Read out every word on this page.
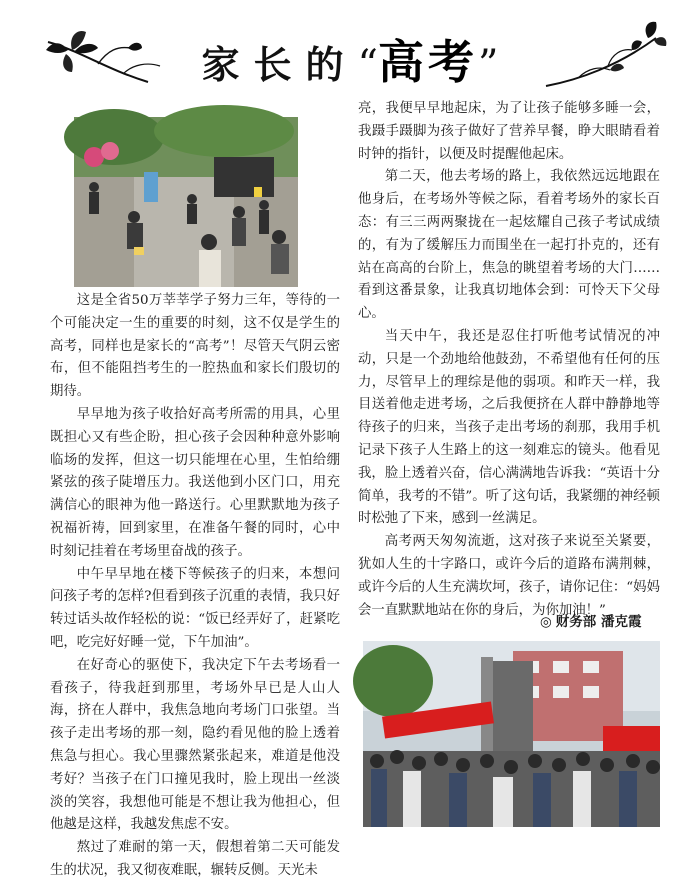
家长的“高考”

这是全省50万莘莘学子努力三年，等待的一个可能决定一生的重要的时刻，这不仅是学生的高考，同样也是家长的“高考”！尽管天气阴云密布，但不能阻挡考生的一腔热血和家长们殷切的期待。

早早地为孩子收拾好高考所需的用具，心里既担心又有些企盼，担心孩子会因种种意外影响临场的发挥，但这一切只能埋在心里，生怕给绷紧弦的孩子陡增压力。我送他到小区门口，用充满信心的眼神为他一路送行。心里默默地为孩子祝福祈祷，回到家里，在准备午餐的同时，心中时刻记挂着在考场里奋战的孩子。

中午早早地在楼下等候孩子的归来，本想问问孩子考的怎样?但看到孩子沉重的表情，我只好转过话头故作轻松的说：“饭已经弄好了，赶紧吃吧，吃完好好睡一觉，下午加油”。

在好奇心的驱使下，我决定下午去考场看一看孩子，待我赶到那里，考场外早已是人山人海，挤在人群中，我焦急地向考场门口张望。当孩子走出考场的那一刻，隐约看见他的脸上透着焦急与担心。我心里骤然紧张起来，难道是他没考好？当孩子在门口撞见我时，脸上现出一丝淡淡的笑容，我想他可能是不想让我为他担心，但他越是这样，我越发焦虑不安。

熬过了难耐的第一天，假想着第二天可能发生的状况，我又彻夜难眠，辗转反侧。天光未

亮，我便早早地起床，为了让孩子能够多睡一会，我蹑手蹑脚为孩子做好了营养早餐，睁大眼睛看着时钟的指针，以便及时提醒他起床。

第二天，他去考场的路上，我依然远远地跟在他身后，在考场外等候之际，看着考场外的家长百态：有三三两两聚拢在一起炫耀自己孩子考试成绩的，有为了缓解压力而围坐在一起打扑克的，还有站在高高的台阶上，焦急的眺望着考场的大门……看到这番景象，让我真切地体会到：可怜天下父母心。

当天中午，我还是忍住打听他考试情况的冲动，只是一个劲地给他鼓劲，不希望他有任何的压力，尽管早上的理综是他的弱项。和昨天一样，我目送着他走进考场，之后我便挤在人群中静静地等待孩子的归来，当孩子走出考场的刹那，我用手机记录下孩子人生路上的这一刻难忘的镜头。他看见我，脸上透着兴奋，信心满满地告诉我：“英语十分简单，我考的不错”。听了这句话，我紧绷的神经顿时松弛了下来，感到一丝满足。

高考两天匆匆流逝，这对孩子来说至关紧要，犹如人生的十字路口，或许今后的道路布满荆棘，或许今后的人生充满坎坷，孩子，请你记住：“妈妈会一直默默地站在你的身后，为你加油！”

◎ 财务部 潘克霞
